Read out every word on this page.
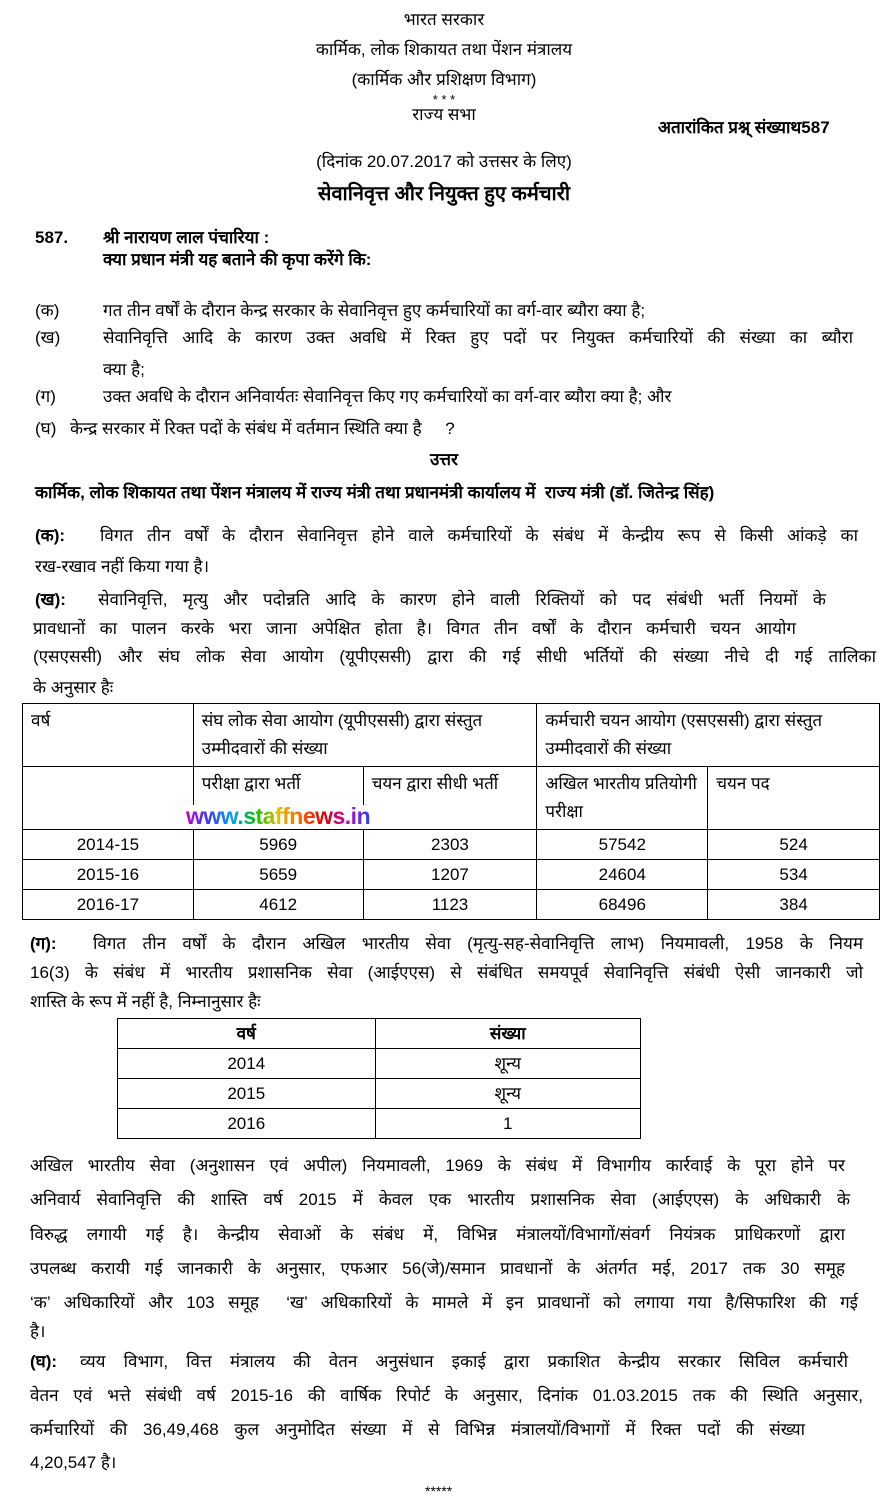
भारत सरकार
कार्मिक, लोक शिकायत तथा पेंशन मंत्रालय
(कार्मिक और प्रशिक्षण विभाग)
* * *
राज्य सभा
अतारांकित प्रश्न् संख्याथ587
(दिनांक 20.07.2017 को उत्तसर के लिए)
सेवानिवृत्त और नियुक्त हुए कर्मचारी
587. श्री नारायण लाल पंचारिया :
क्या प्रधान मंत्री यह बताने की कृपा करेंगे कि:
(क)	गत तीन वर्षों के दौरान केन्द्र सरकार के सेवानिवृत्त हुए कर्मचारियों का वर्ग-वार ब्यौरा क्या है;
(ख)	सेवानिवृत्ति आदि के कारण उक्त अवधि में रिक्त हुए पदों पर नियुक्त कर्मचारियों की संख्या का ब्यौरा
क्या है;
(ग)	उक्त अवधि के दौरान अनिवार्यतः सेवानिवृत्त किए गए कर्मचारियों का वर्ग-वार ब्यौरा क्या है; और
(घ) केन्द्र सरकार में रिक्त पदों के संबंध में वर्तमान स्थिति क्या है     ?
उत्तर
कार्मिक, लोक शिकायत तथा पेंशन मंत्रालय में राज्य मंत्री तथा प्रधानमंत्री कार्यालय में  राज्य मंत्री (डॉ. जितेन्द्र सिंह)
(क): विगत तीन वर्षों के दौरान सेवानिवृत्त होने वाले कर्मचारियों के संबंध में केन्द्रीय रूप से किसी आंकड़े का
रख-रखाव नहीं किया गया है।
(ख): सेवानिवृत्ति, मृत्यु और पदोन्नति आदि के कारण होने वाली रिक्तियों को पद संबंधी भर्ती नियमों के
प्रावधानों का पालन करके भरा जाना अपेक्षित होता है। विगत तीन वर्षों के दौरान कर्मचारी चयन आयोग
(एसएससी) और संघ लोक सेवा आयोग (यूपीएससी) द्वारा की गई सीधी भर्तियों की संख्या नीचे दी गई तालिका
के अनुसार हैः
वर्ष	संघ लोक सेवा आयोग (यूपीएससी) द्वारा संस्तुत उम्मीदवारों की संख्या		कर्मचारी चयन आयोग (एसएससी) द्वारा संस्तुत उम्मीदवारों की संख्या	
	परीक्षा द्वारा भर्ती	चयन द्वारा सीधी भर्ती	अखिल भारतीय प्रतियोगी परीक्षा	चयन पद
2014-15	5969	2303	57542	524
2015-16	5659	1207	24604	534
2016-17	4612	1123	68496	384
www.staffnews.in
(ग): विगत तीन वर्षों के दौरान अखिल भारतीय सेवा (मृत्यु-सह-सेवानिवृत्ति लाभ) नियमावली, 1958 के नियम
16(3) के संबंध में भारतीय प्रशासनिक सेवा (आईएएस) से संबंधित समयपूर्व सेवानिवृत्ति संबंधी ऐसी जानकारी जो
शास्ति के रूप में नहीं है, निम्नानुसार हैः
वर्ष	संख्या
2014	शून्य
2015	शून्य
2016	1
अखिल भारतीय सेवा (अनुशासन एवं अपील) नियमावली, 1969 के संबंध में विभागीय कार्रवाई के पूरा होने पर
अनिवार्य सेवानिवृत्ति की शास्ति वर्ष 2015 में केवल एक भारतीय प्रशासनिक सेवा (आईएएस) के अधिकारी के
विरुद्ध लगायी गई है। केन्द्रीय सेवाओं के संबंध में, विभिन्न मंत्रालयों/विभागों/संवर्ग नियंत्रक प्राधिकरणों द्वारा
उपलब्ध करायी गई जानकारी के अनुसार, एफआर 56(जे)/समान प्रावधानों के अंतर्गत मई, 2017 तक 30 समूह
‘क’ अधिकारियों और 103 समूह  ‘ख’ अधिकारियों के मामले में इन प्रावधानों को लगाया गया है/सिफारिश की गई
है।
(घ): व्यय विभाग, वित्त मंत्रालय की वेतन अनुसंधान इकाई द्वारा प्रकाशित केन्द्रीय सरकार सिविल कर्मचारी
वेतन एवं भत्ते संबंधी वर्ष 2015-16 की वार्षिक रिपोर्ट के अनुसार, दिनांक 01.03.2015 तक की स्थिति अनुसार,
कर्मचारियों की 36,49,468 कुल अनुमोदित संख्या में से विभिन्न मंत्रालयों/विभागों में रिक्त पदों की संख्या
4,20,547 है।
*****
